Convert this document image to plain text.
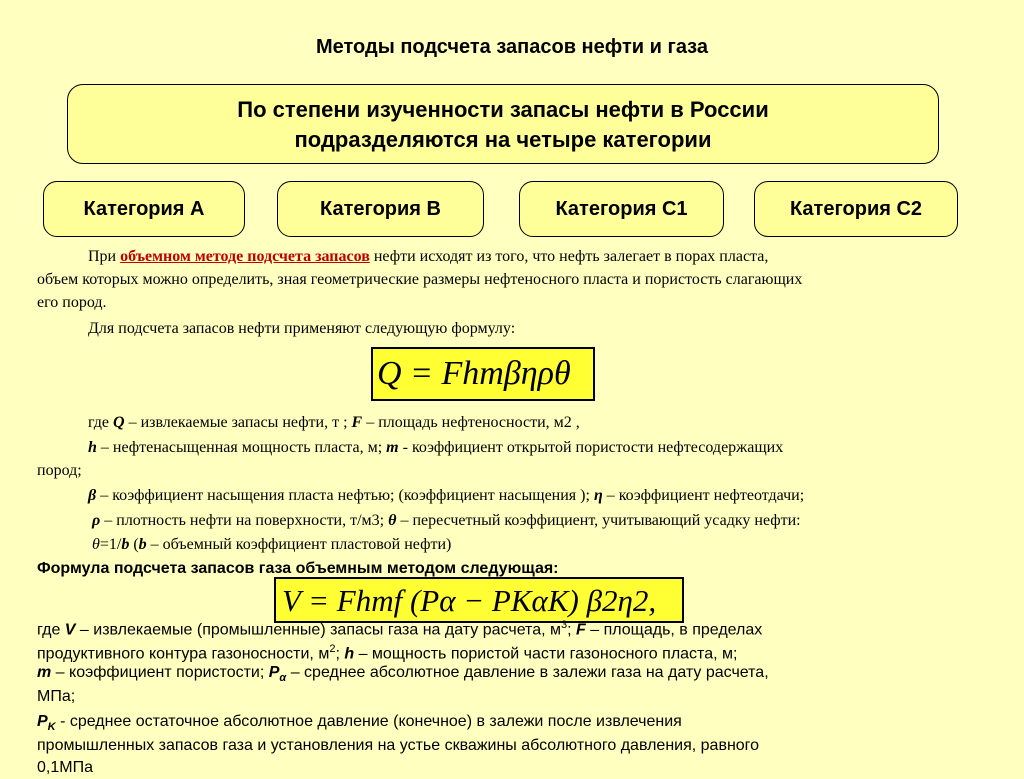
Методы подсчета запасов нефти и газа
По степени изученности запасы нефти в России
подразделяются на четыре категории
Категория А	Категория В	Категория С1	Категория С2
При объемном методе подсчета запасов нефти исходят из того, что нефть залегает в порах пласта,
объем которых можно определить, зная геометрические размеры нефтеносного пласта и пористость слагающих
его пород.
Для подсчета запасов нефти применяют следующую формулу:
Q = Fhmβηρθ
где Q – извлекаемые запасы нефти, т ; F – площадь нефтеносности, м2 ,
h – нефтенасыщенная мощность пласта, м; m - коэффициент открытой пористости нефтесодержащих
пород;
β – коэффициент насыщения пласта нефтью; (коэффициент насыщения ); η – коэффициент нефтеотдачи;
ρ – плотность нефти на поверхности, т/м3; θ – пересчетный коэффициент, учитывающий усадку нефти:
θ=1/b (b – объемный коэффициент пластовой нефти)
Формула подсчета запасов газа объемным методом следующая:
V = Fhmf (Pα − PKαK) β2η2,
где V – извлекаемые (промышленные) запасы газа на дату расчета, $м^3$; F – площадь, в пределах
продуктивного контура газоносности, $м^2$; h – мощность пористой части газоносного пласта, м;
m – коэффициент пористости; $P_\alpha$ – среднее абсолютное давление в залежи газа на дату расчета,
МПа;
$P_K$ - среднее остаточное абсолютное давление (конечное) в залежи после извлечения
промышленных запасов газа и установления на устье скважины абсолютного давления, равного
0,1МПа
